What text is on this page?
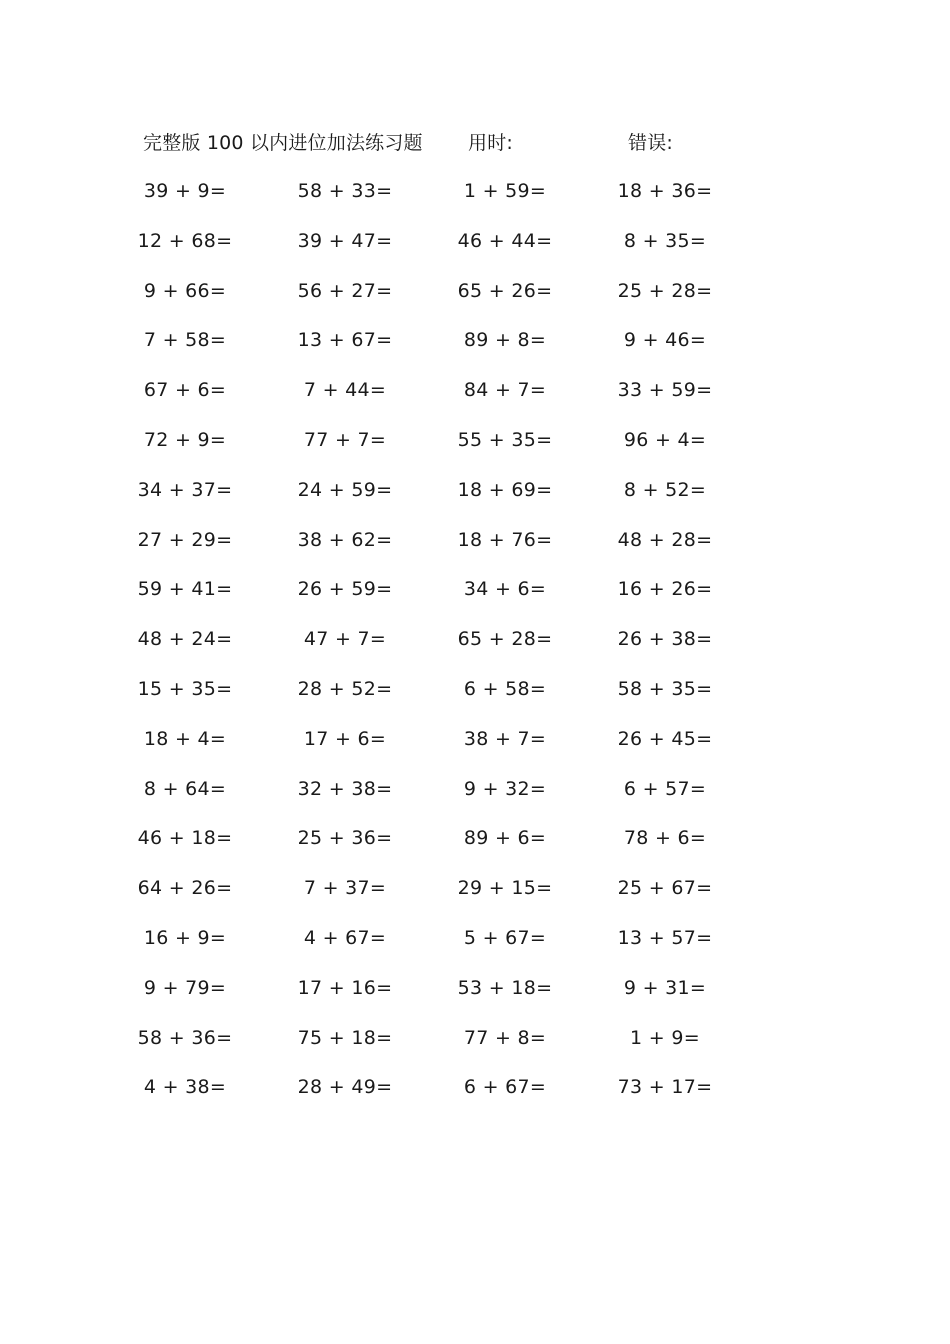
完整版 100 以内进位加法练习题 用时:	错误:
39 + 9=	58 + 33=	1 + 59=	18 + 36=
12 + 68=	39 + 47=	46 + 44=	8 + 35=
9 + 66=	56 + 27=	65 + 26=	25 + 28=
7 + 58=	13 + 67=	89 + 8=	9 + 46=
67 + 6=	7 + 44=	84 + 7=	33 + 59=
72 + 9=	77 + 7=	55 + 35=	96 + 4=
34 + 37=	24 + 59=	18 + 69=	8 + 52=
27 + 29=	38 + 62=	18 + 76=	48 + 28=
59 + 41=	26 + 59=	34 + 6=	16 + 26=
48 + 24=	47 + 7=	65 + 28=	26 + 38=
15 + 35=	28 + 52=	6 + 58=	58 + 35=
18 + 4=	17 + 6=	38 + 7=	26 + 45=
8 + 64=	32 + 38=	9 + 32=	6 + 57=
46 + 18=	25 + 36=	89 + 6=	78 + 6=
64 + 26=	7 + 37=	29 + 15=	25 + 67=
16 + 9=	4 + 67=	5 + 67=	13 + 57=
9 + 79=	17 + 16=	53 + 18=	9 + 31=
58 + 36=	75 + 18=	77 + 8=	1 + 9=
4 + 38=	28 + 49=	6 + 67=	73 + 17=
